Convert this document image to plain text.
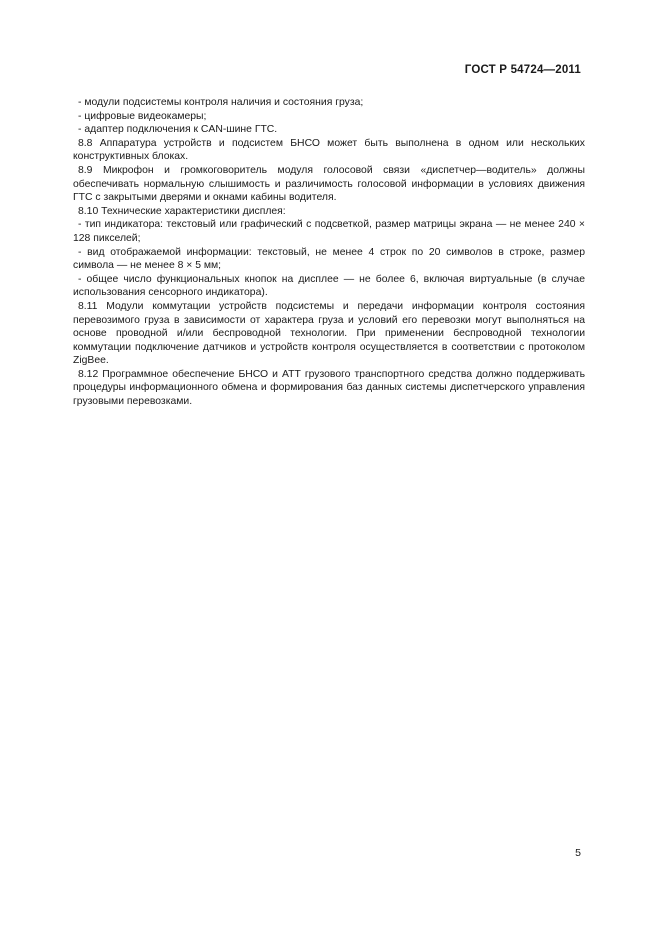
ГОСТ Р 54724—2011

- модули подсистемы контроля наличия и состояния груза;

- цифровые видеокамеры;

- адаптер подключения к CAN-шине ГТС.

8.8 Аппаратура устройств и подсистем БНСО может быть выполнена в одном или нескольких конструктивных блоках.

8.9 Микрофон и громкоговоритель модуля голосовой связи «диспетчер—водитель» должны обеспечивать нормальную слышимость и различимость голосовой информации в условиях движения ГТС с закрытыми дверями и окнами кабины водителя.

8.10 Технические характеристики дисплея:

- тип индикатора: текстовый или графический с подсветкой, размер матрицы экрана — не менее 240 × 128 пикселей;

- вид отображаемой информации: текстовый, не менее 4 строк по 20 символов в строке, размер символа — не менее 8 × 5 мм;

- общее число функциональных кнопок на дисплее — не более 6, включая виртуальные (в случае использования сенсорного индикатора).

8.11 Модули коммутации устройств подсистемы и передачи информации контроля состояния перевозимого груза в зависимости от характера груза и условий его перевозки могут выполняться на основе проводной и/или беспроводной технологии. При применении беспроводной технологии коммутации подключение датчиков и устройств контроля осуществляется в соответствии с протоколом ZigBee.

8.12 Программное обеспечение БНСО и АТТ грузового транспортного средства должно поддерживать процедуры информационного обмена и формирования баз данных системы диспетчерского управления грузовыми перевозками.

5
